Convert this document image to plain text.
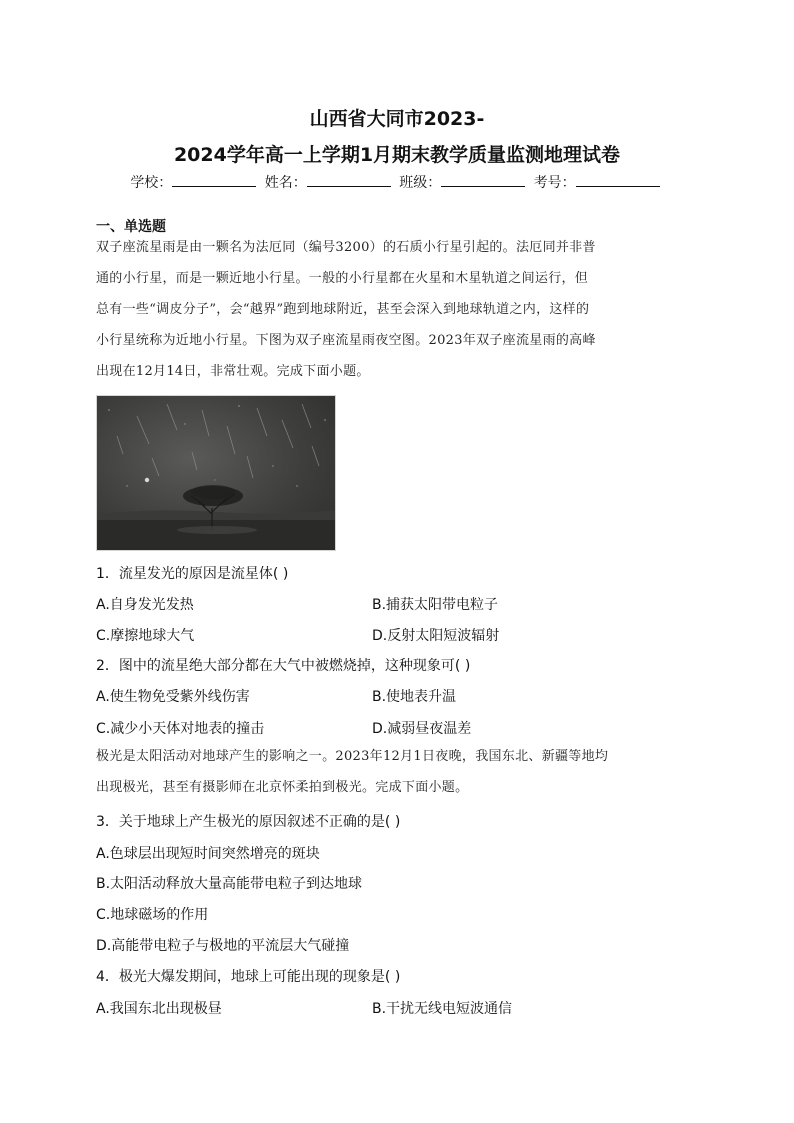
山西省大同市2023-
2024学年高一上学期1月期末教学质量监测地理试卷
学校：	姓名：	班级：	考号：
一、单选题
双子座流星雨是由一颗名为法厄同（编号3200）的石质小行星引起的。法厄同并非普
通的小行星，而是一颗近地小行星。一般的小行星都在火星和木星轨道之间运行，但
总有一些“调皮分子”，会“越界”跑到地球附近，甚至会深入到地球轨道之内，这样的
小行星统称为近地小行星。下图为双子座流星雨夜空图。2023年双子座流星雨的高峰
出现在12月14日，非常壮观。完成下面小题。
1．流星发光的原因是流星体( )
A.自身发光发热	B.捕获太阳带电粒子
C.摩擦地球大气	D.反射太阳短波辐射
2．图中的流星绝大部分都在大气中被燃烧掉，这种现象可( )
A.使生物免受紫外线伤害	B.使地表升温
C.减少小天体对地表的撞击	D.减弱昼夜温差
极光是太阳活动对地球产生的影响之一。2023年12月1日夜晚，我国东北、新疆等地均
出现极光，甚至有摄影师在北京怀柔拍到极光。完成下面小题。
3．关于地球上产生极光的原因叙述不正确的是( )
A.色球层出现短时间突然增亮的斑块
B.太阳活动释放大量高能带电粒子到达地球
C.地球磁场的作用
D.高能带电粒子与极地的平流层大气碰撞
4．极光大爆发期间，地球上可能出现的现象是( )
A.我国东北出现极昼	B.干扰无线电短波通信
